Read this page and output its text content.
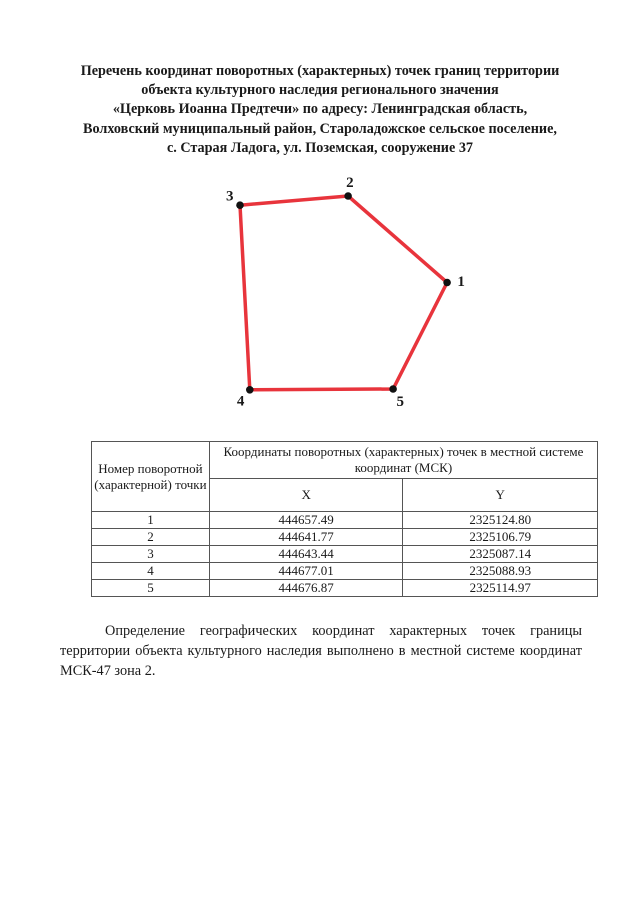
Перечень координат поворотных (характерных) точек границ территории
объекта культурного наследия регионального значения
«Церковь Иоанна Предтечи» по адресу: Ленинградская область,
Волховский муниципальный район, Староладожское сельское поселение,
с. Старая Ладога, ул. Поземская, сооружение 37
1
2
3
4	5
Номер поворотной (характерной) точки	Координаты поворотных (характерных) точек в местной системе координат (МСК)	
	X	Y
1	444657.49	2325124.80
2	444641.77	2325106.79
3	444643.44	2325087.14
4	444677.01	2325088.93
5	444676.87	2325114.97
Определение географических координат характерных точек границы территории объекта культурного наследия выполнено в местной системе координат МСК-47 зона 2.
